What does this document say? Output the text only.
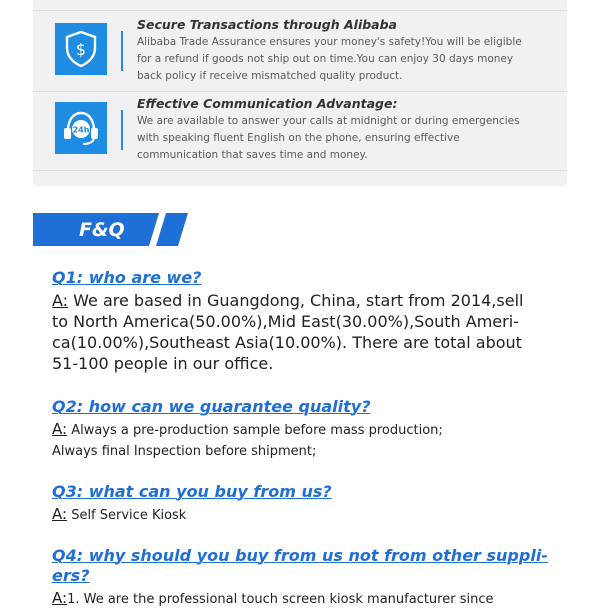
$
Secure Transactions through Alibaba
Alibaba Trade Assurance ensures your money's safety!You will be eligible
for a refund if goods not ship out on time.You can enjoy 30 days money
back policy if receive mismatched quality product.
24h
Effective Communication Advantage:
We are available to answer your calls at midnight or during emergencies
with speaking fluent English on the phone, ensuring effective
communication that saves time and money.
F&Q

Q1: who are we?

A: We are based in Guangdong, China, start from 2014,sell
to North America(50.00%),Mid East(30.00%),South Ameri-
ca(10.00%),Southeast Asia(10.00%). There are total about
51-100 people in our office.

Q2: how can we guarantee quality?

A: Always a pre-production sample before mass production;
Always final Inspection before shipment;

Q3: what can you buy from us?

A: Self Service Kiosk

Q4: why should you buy from us not from other suppli-
ers?

A:1. We are the professional touch screen kiosk manufacturer since
